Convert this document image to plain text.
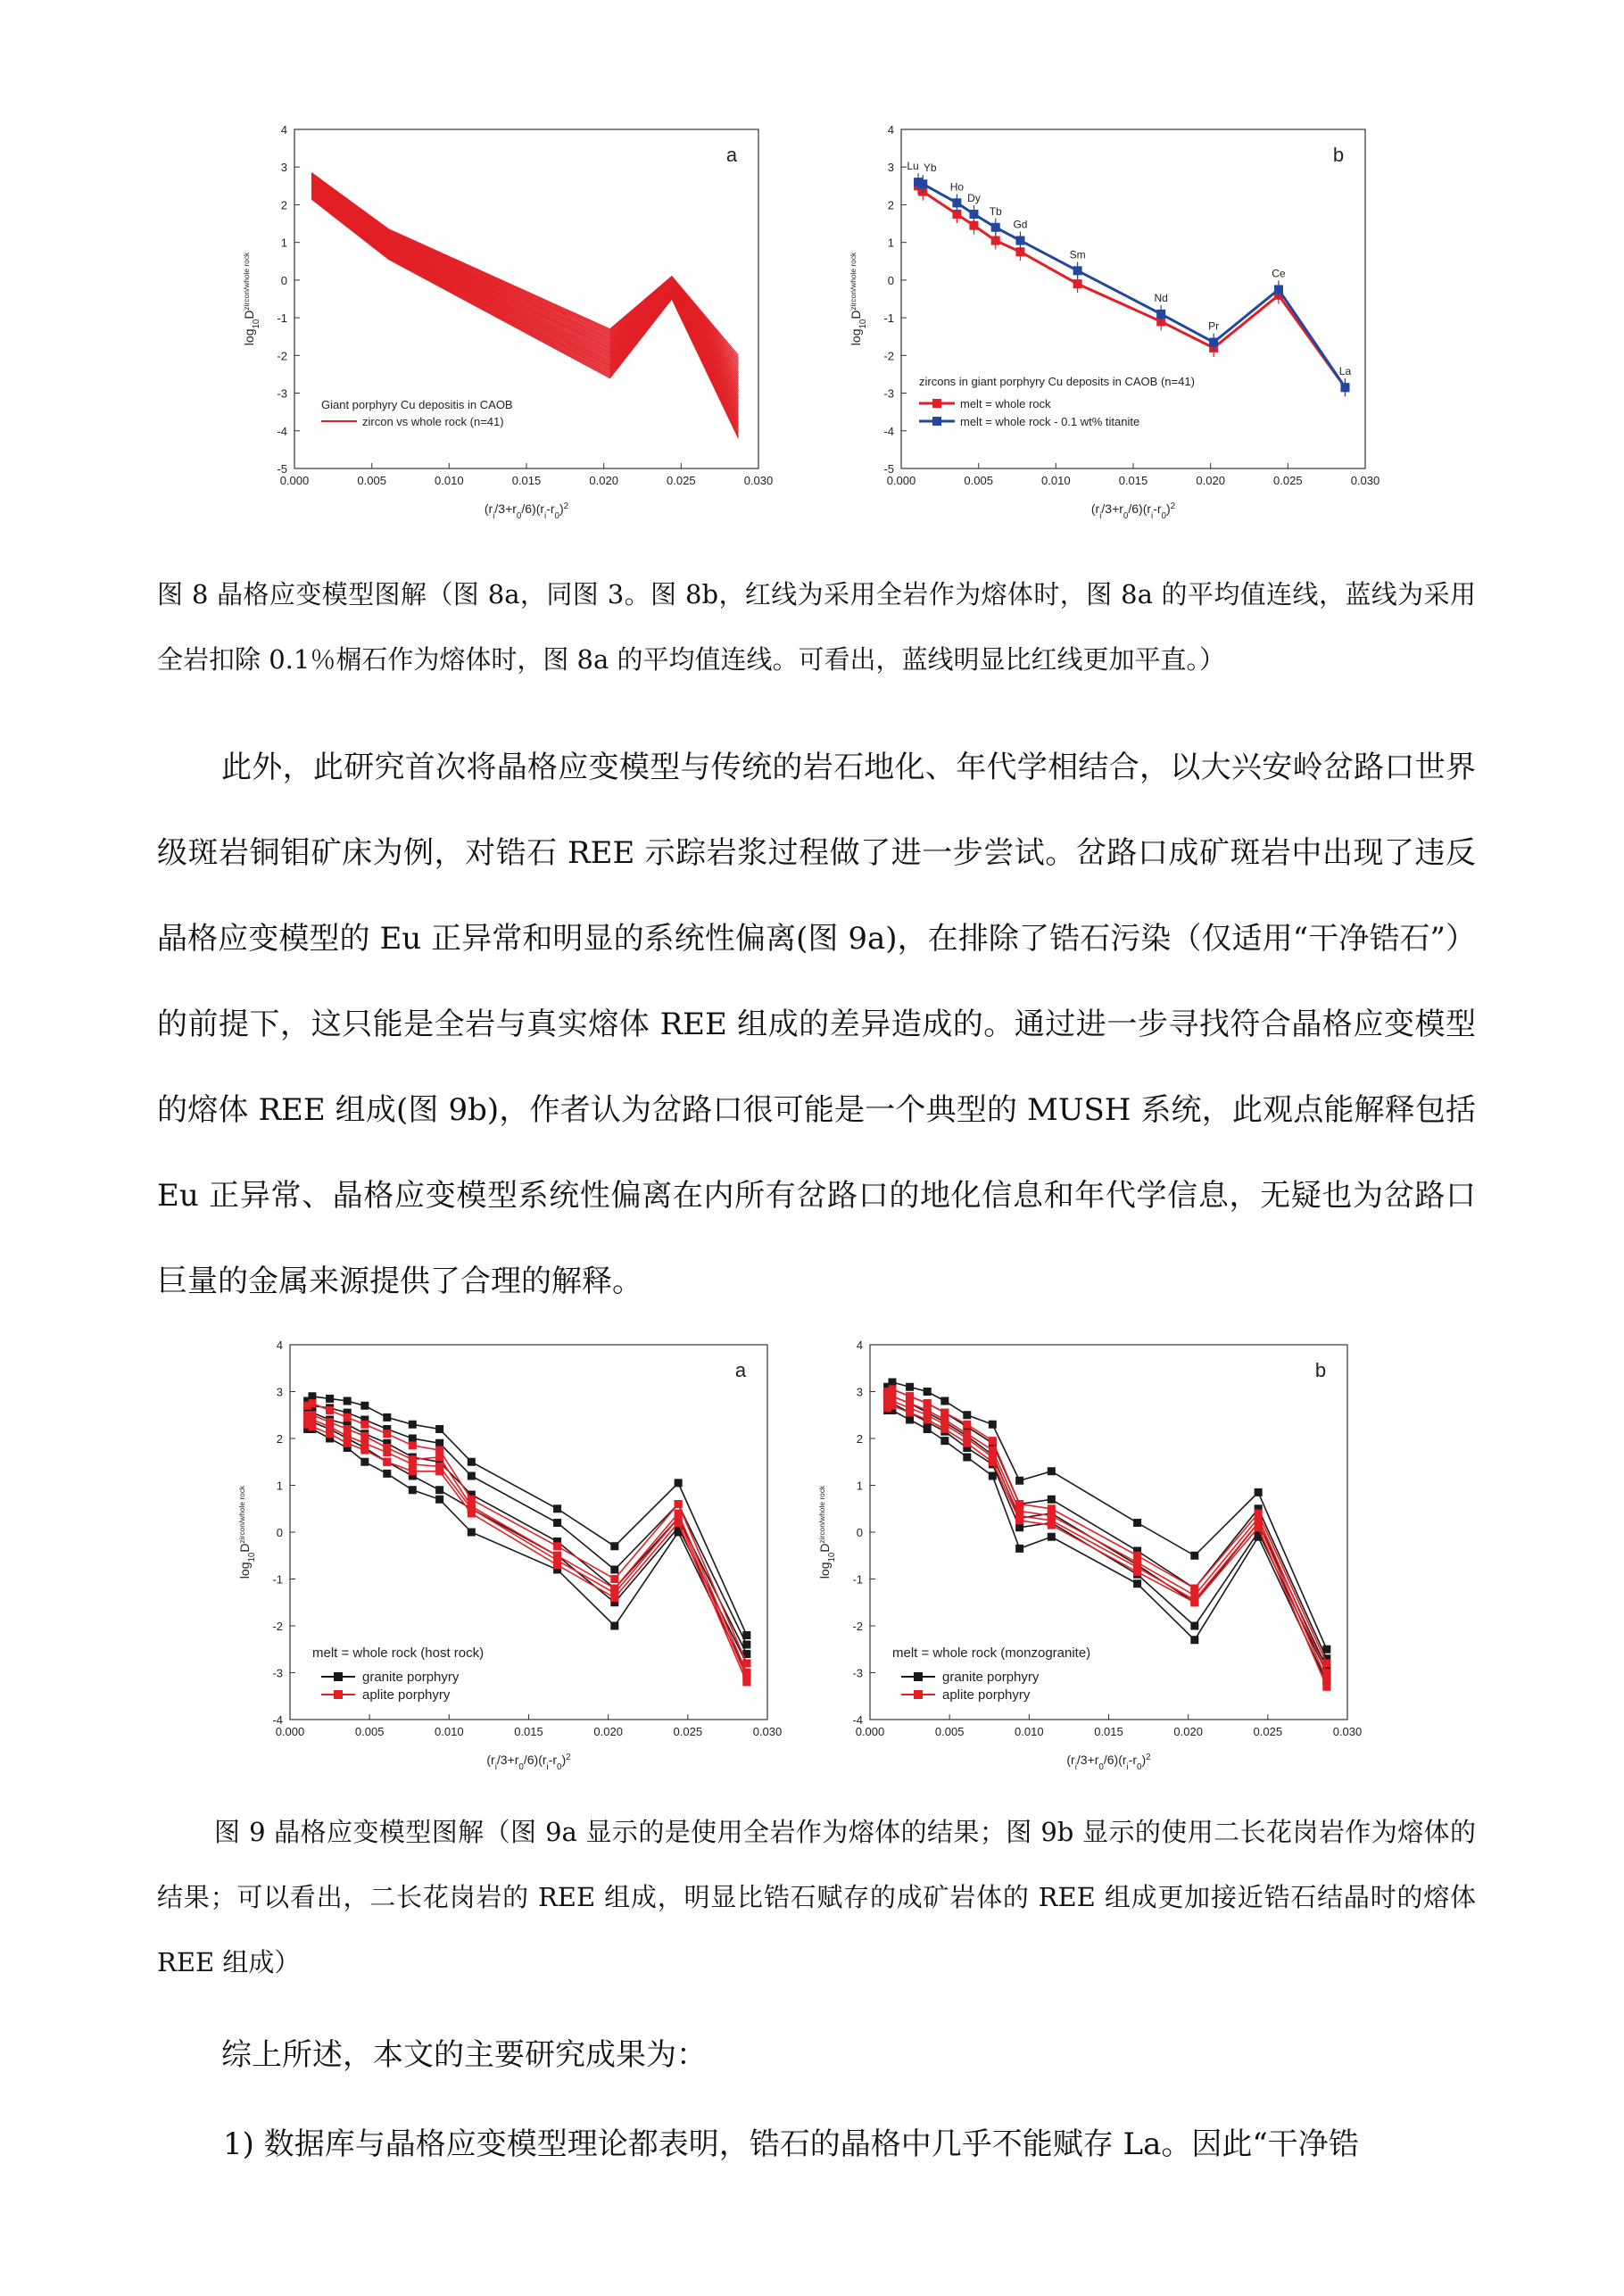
0.000	0.005	0.010	0.015	0.020	0.025	0.030
-5
-4
-3
-2
-1
0
1
2
3
4
a
$(r_i/3+r_0/6)(r_i-r_0)^2$
$\log_{10}D^{zircon/whole rock}$
Giant porphyry Cu depositis in CAOB
zircon vs whole rock (n=41)
0.000	0.005	0.010	0.015	0.020	0.025	0.030
-5
-4
-3
-2
-1
0
1
2
3
4
b
$(r_i/3+r_0/6)(r_i-r_0)^2$
$\log_{10}D^{zircon/whole rock}$
Lu Yb
Ho
Dy
Tb
Gd
Sm
Nd
Pr
Ce
La
zircons in giant porphyry Cu deposits in CAOB (n=41)
melt = whole rock
melt = whole rock - 0.1 wt% titanite

图 8 晶格应变模型图解（图 8a，同图 3。图 8b，红线为采用全岩作为熔体时，图 8a 的平均值连线，蓝线为采用全岩扣除 0.1％榍石作为熔体时，图 8a 的平均值连线。可看出，蓝线明显比红线更加平直。）

此外，此研究首次将晶格应变模型与传统的岩石地化、年代学相结合，以大兴安岭岔路口世界级斑岩铜钼矿床为例，对锆石 REE 示踪岩浆过程做了进一步尝试。岔路口成矿斑岩中出现了违反晶格应变模型的 Eu 正异常和明显的系统性偏离(图 9a)，在排除了锆石污染（仅适用“干净锆石”）的前提下，这只能是全岩与真实熔体 REE 组成的差异造成的。通过进一步寻找符合晶格应变模型的熔体 REE 组成(图 9b)，作者认为岔路口很可能是一个典型的 MUSH 系统，此观点能解释包括 Eu 正异常、晶格应变模型系统性偏离在内所有岔路口的地化信息和年代学信息，无疑也为岔路口巨量的金属来源提供了合理的解释。

0.000	0.005	0.010	0.015	0.020	0.025	0.030
-4
-3
-2
-1
0
1
2
3
4
a
$(r_i/3+r_0/6)(r_i-r_0)^2$
$\log_{10}D^{zircon/whole rock}$
melt = whole rock (host rock)
granite porphyry
aplite porphyry
0.000	0.005	0.010	0.015	0.020	0.025	0.030
-4
-3
-2
-1
0
1
2
3
4
b
$(r_i/3+r_0/6)(r_i-r_0)^2$
$\log_{10}D^{zircon/whole rock}$
melt = whole rock (monzogranite)
granite porphyry
aplite porphyry

图 9 晶格应变模型图解（图 9a 显示的是使用全岩作为熔体的结果；图 9b 显示的使用二长花岗岩作为熔体的结果；可以看出，二长花岗岩的 REE 组成，明显比锆石赋存的成矿岩体的 REE 组成更加接近锆石结晶时的熔体 REE 组成）

综上所述，本文的主要研究成果为：

1) 数据库与晶格应变模型理论都表明，锆石的晶格中几乎不能赋存 La。因此“干净锆
